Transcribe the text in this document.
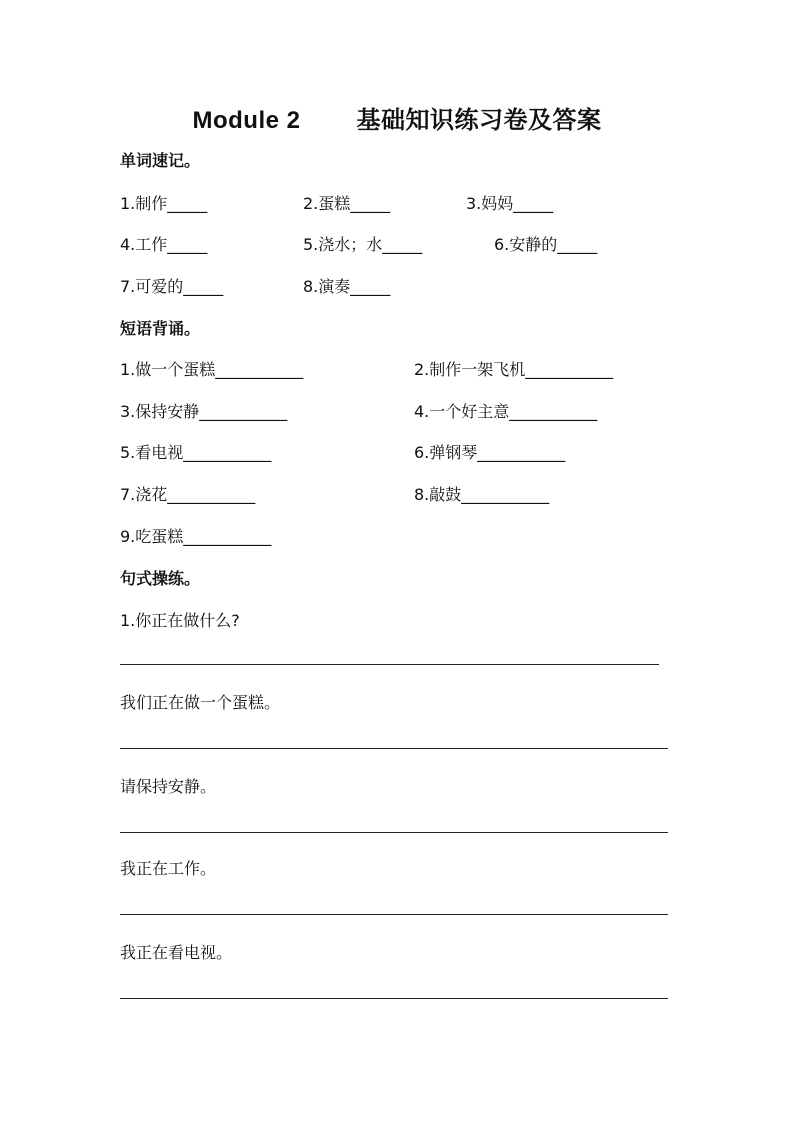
Module 2 基础知识练习卷及答案
单词速记。
1.制作_____	2.蛋糕_____	3.妈妈_____
4.工作_____	5.浇水；水_____	6.安静的_____
7.可爱的_____	8.演奏_____
短语背诵。
1.做一个蛋糕___________	2.制作一架飞机___________
3.保持安静___________	4.一个好主意___________
5.看电视___________	6.弹钢琴___________
7.浇花___________	8.敲鼓___________
9.吃蛋糕___________
句式操练。
1.你正在做什么?
我们正在做一个蛋糕。
请保持安静。
我正在工作。
我正在看电视。
